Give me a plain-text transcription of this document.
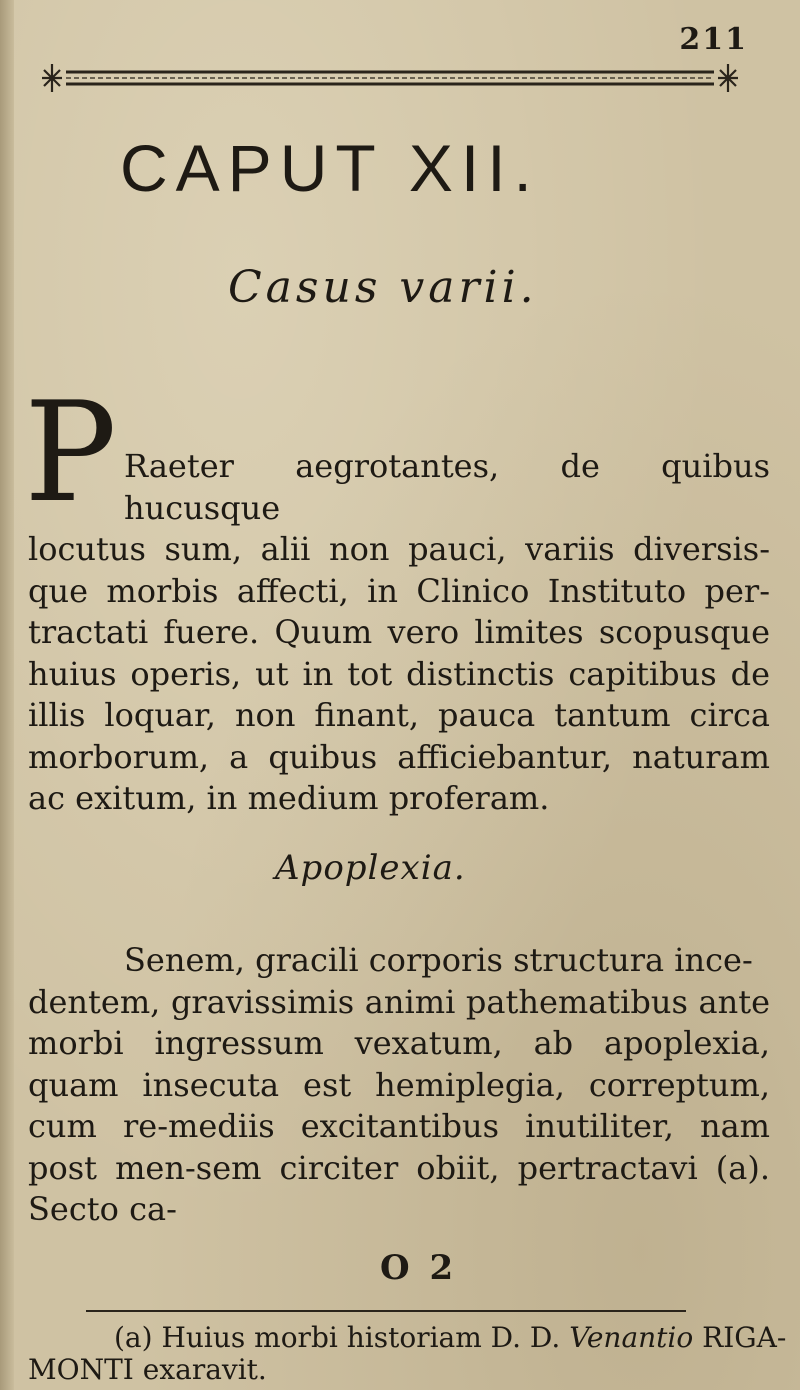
211
CAPUT XII.
Casus varii.
P Raeter aegrotantes, de quibus hucusque
locutus sum, alii non pauci, variis diversis-que morbis affecti, in Clinico Instituto per-tractati fuere. Quum vero limites scopusque huius operis, ut in tot distinctis capitibus de illis loquar, non finant, pauca tantum circa morborum, a quibus afficiebantur, naturam ac exitum, in medium proferam.
Apoplexia.
Senem, gracili corporis structura ince-
dentem, gravissimis animi pathematibus ante morbi ingressum vexatum, ab apoplexia, quam insecuta est hemiplegia, correptum, cum re-mediis excitantibus inutiliter, nam post men-sem circiter obiit, pertractavi (a). Secto ca-
O 2
(a) Huius morbi historiam D. D. Venantio RIGA-
MONTI exaravit.
